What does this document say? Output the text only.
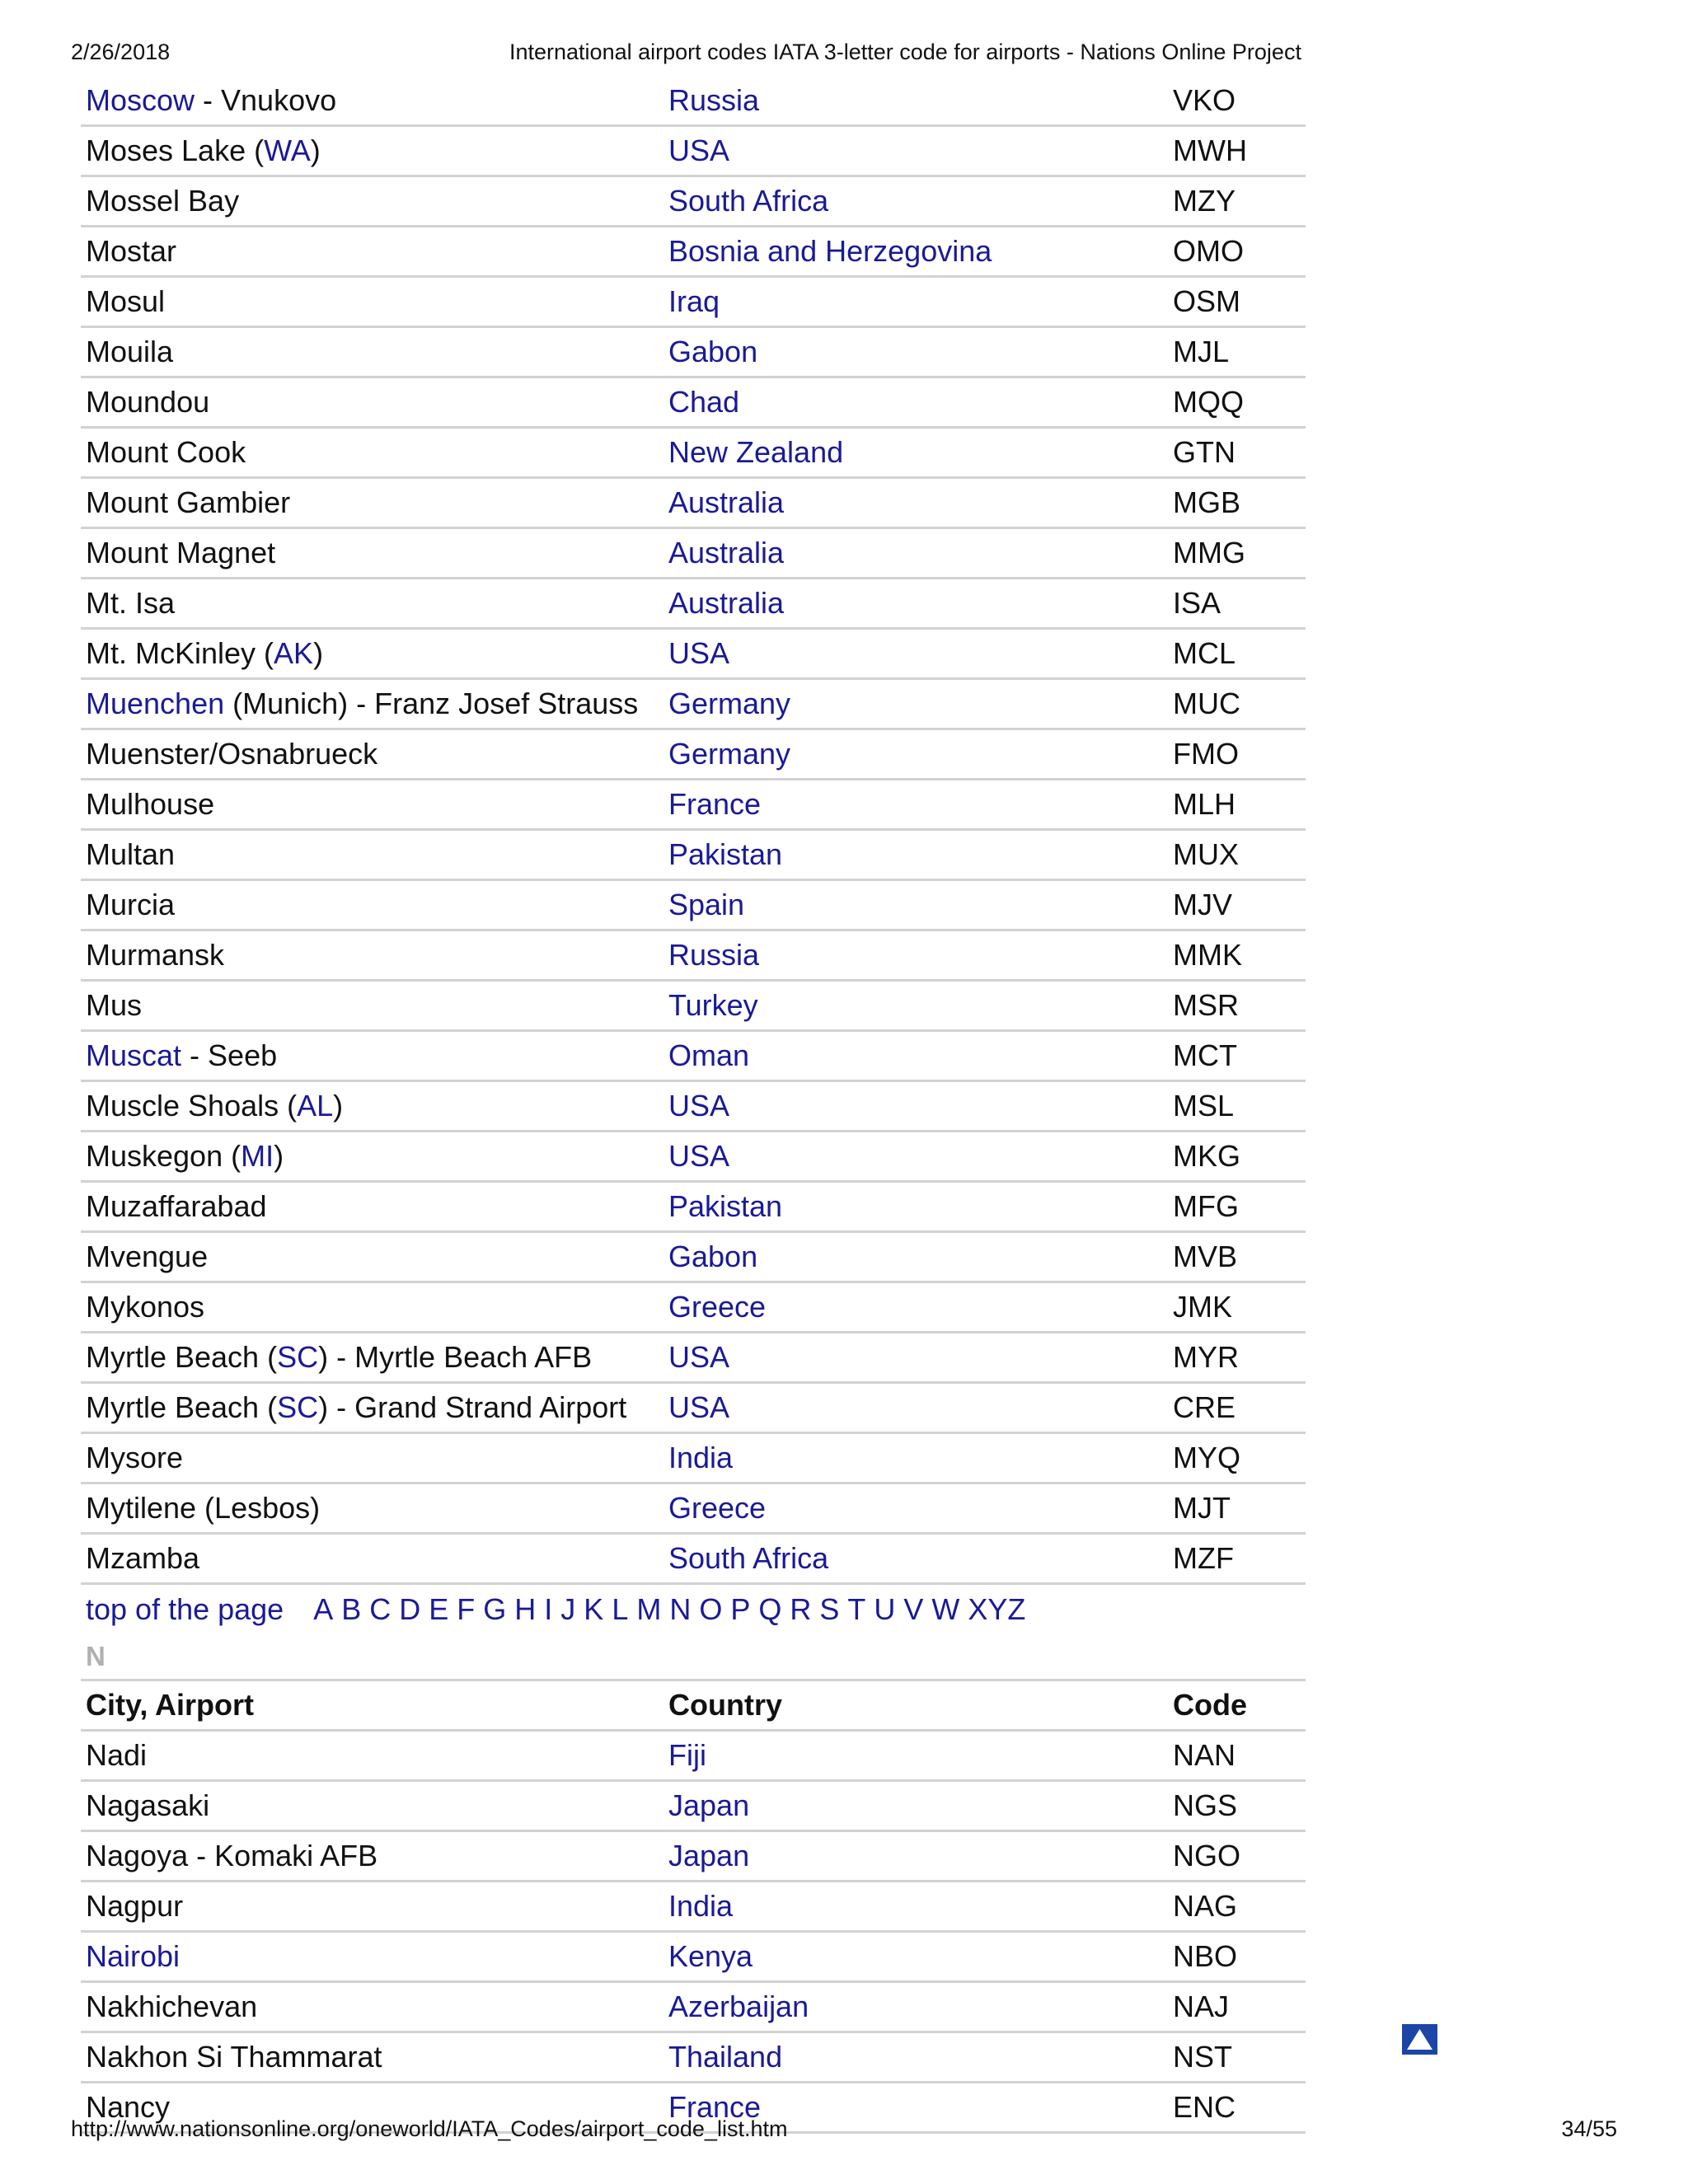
2/26/2018	International airport codes IATA 3-letter code for airports - Nations Online Project
Moscow - Vnukovo	Russia	VKO
Moses Lake (WA)	USA	MWH
Mossel Bay	South Africa	MZY
Mostar	Bosnia and Herzegovina	OMO
Mosul	Iraq	OSM
Mouila	Gabon	MJL
Moundou	Chad	MQQ
Mount Cook	New Zealand	GTN
Mount Gambier	Australia	MGB
Mount Magnet	Australia	MMG
Mt. Isa	Australia	ISA
Mt. McKinley (AK)	USA	MCL
Muenchen (Munich) - Franz Josef Strauss	Germany	MUC
Muenster/Osnabrueck	Germany	FMO
Mulhouse	France	MLH
Multan	Pakistan	MUX
Murcia	Spain	MJV
Murmansk	Russia	MMK
Mus	Turkey	MSR
Muscat - Seeb	Oman	MCT
Muscle Shoals (AL)	USA	MSL
Muskegon (MI)	USA	MKG
Muzaffarabad	Pakistan	MFG
Mvengue	Gabon	MVB
Mykonos	Greece	JMK
Myrtle Beach (SC) - Myrtle Beach AFB	USA	MYR
Myrtle Beach (SC) - Grand Strand Airport	USA	CRE
Mysore	India	MYQ
Mytilene (Lesbos)	Greece	MJT
Mzamba	South Africa	MZF
top of the page A B C D E F G H I J K L M N O P Q R S T U V W XYZ
N
City, Airport	Country	Code
Nadi	Fiji	NAN
Nagasaki	Japan	NGS
Nagoya - Komaki AFB	Japan	NGO
Nagpur	India	NAG
Nairobi	Kenya	NBO
Nakhichevan	Azerbaijan	NAJ
Nakhon Si Thammarat	Thailand	NST
Nancy	France	ENC
http://www.nationsonline.org/oneworld/IATA_Codes/airport_code_list.htm	34/55
